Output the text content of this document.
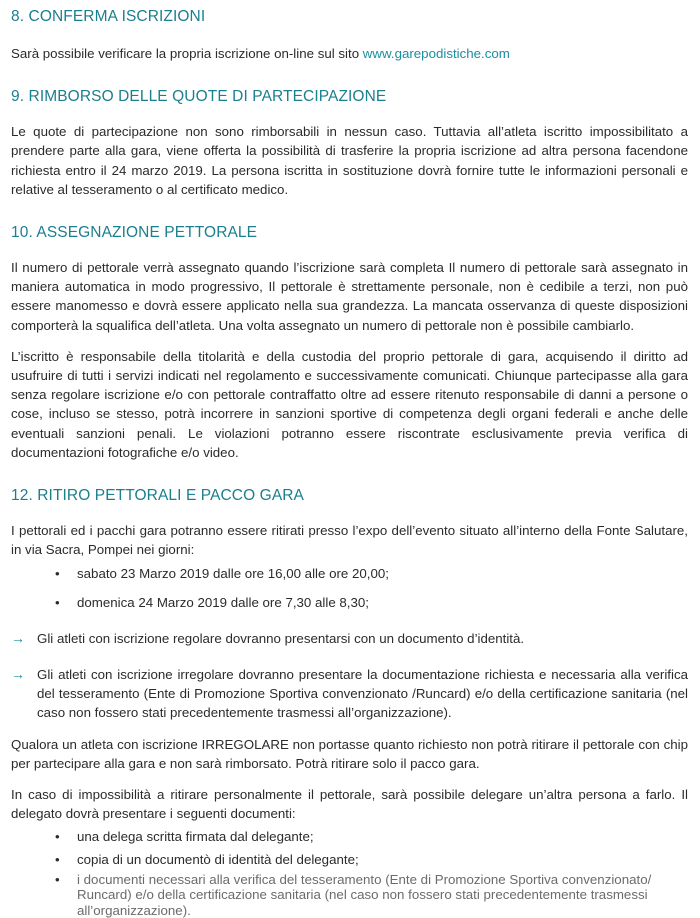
8. CONFERMA ISCRIZIONI

Sarà possibile verificare la propria iscrizione on-line sul sito www.garepodistiche.com

9. RIMBORSO DELLE QUOTE DI PARTECIPAZIONE

Le quote di partecipazione non sono rimborsabili in nessun caso. Tuttavia all’atleta iscritto impossibilitato a prendere parte alla gara, viene offerta la possibilità di trasferire la propria iscrizione ad altra persona facendone richiesta entro il 24 marzo 2019. La persona iscritta in sostituzione dovrà fornire tutte le informazioni personali e relative al tesseramento o al certificato medico.

10. ASSEGNAZIONE PETTORALE

Il numero di pettorale verrà assegnato quando l’iscrizione sarà completa Il numero di pettorale sarà assegnato in maniera automatica in modo progressivo, Il pettorale è strettamente personale, non è cedibile a terzi, non può essere manomesso e dovrà essere applicato nella sua grandezza. La mancata osservanza di queste disposizioni comporterà la squalifica dell’atleta. Una volta assegnato un numero di pettorale non è possibile cambiarlo.

L’iscritto è responsabile della titolarità e della custodia del proprio pettorale di gara, acquisendo il diritto ad usufruire di tutti i servizi indicati nel regolamento e successivamente comunicati. Chiunque partecipasse alla gara senza regolare iscrizione e/o con pettorale contraffatto oltre ad essere ritenuto responsabile di danni a persone o cose, incluso se stesso, potrà incorrere in sanzioni sportive di competenza degli organi federali e anche delle eventuali sanzioni penali. Le violazioni potranno essere riscontrate esclusivamente previa verifica di documentazioni fotografiche e/o video.

12. RITIRO PETTORALI E PACCO GARA

I pettorali ed i pacchi gara potranno essere ritirati presso l’expo dell’evento situato all’interno della Fonte Salutare, in via Sacra, Pompei nei giorni:

• sabato 23 Marzo 2019 dalle ore 16,00 alle ore 20,00;
• domenica 24 Marzo 2019 dalle ore 7,30 alle 8,30;
→ Gli atleti con iscrizione regolare dovranno presentarsi con un documento d’identità.
→ Gli atleti con iscrizione irregolare dovranno presentare la documentazione richiesta e necessaria alla verifica del tesseramento (Ente di Promozione Sportiva convenzionato /Runcard) e/o della certificazione sanitaria (nel caso non fossero stati precedentemente trasmessi all’organizzazione).

Qualora un atleta con iscrizione IRREGOLARE non portasse quanto richiesto non potrà ritirare il pettorale con chip per partecipare alla gara e non sarà rimborsato. Potrà ritirare solo il pacco gara.

In caso di impossibilità a ritirare personalmente il pettorale, sarà possibile delegare un’altra persona a farlo. Il delegato dovrà presentare i seguenti documenti:

• una delega scritta firmata dal delegante;
• copia di un documentò di identità del delegante;
• i documenti necessari alla verifica del tesseramento (Ente di Promozione Sportiva convenzionato/ Runcard) e/o della certificazione sanitaria (nel caso non fossero stati precedentemente trasmessi all’organizzazione).
